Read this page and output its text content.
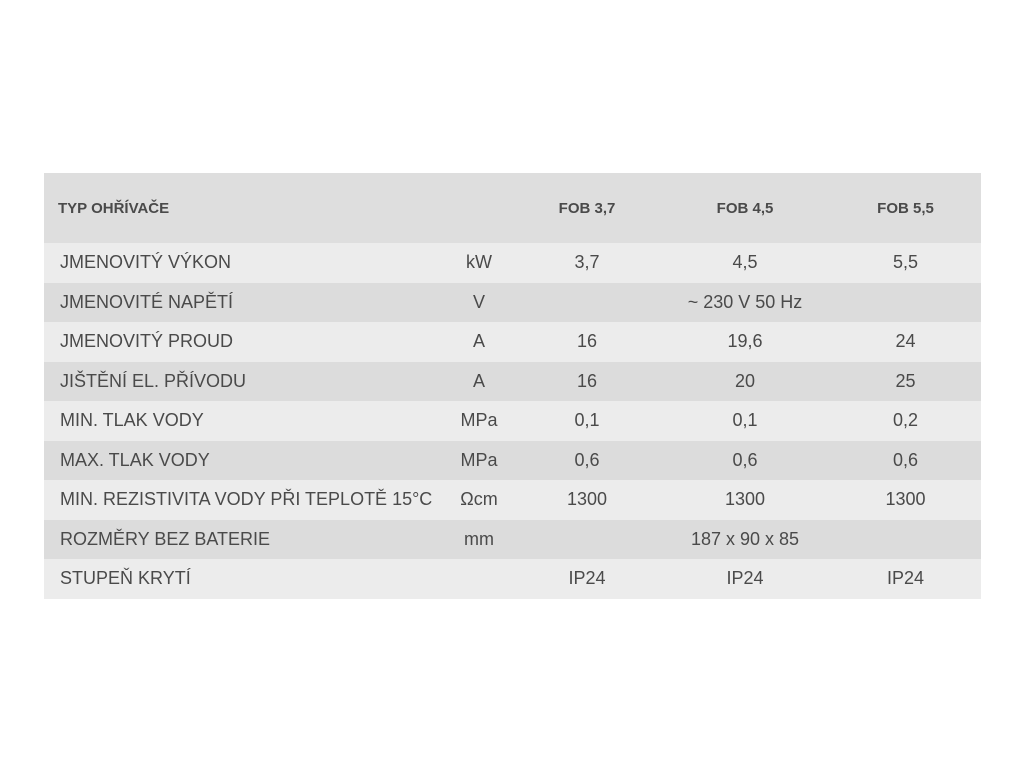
TYP OHŘÍVAČE		FOB 3,7	FOB 4,5	FOB 5,5
JMENOVITÝ VÝKON	kW	3,7	4,5	5,5
JMENOVITÉ NAPĚTÍ	V		~ 230 V 50 Hz	
JMENOVITÝ PROUD	A	16	19,6	24
JIŠTĚNÍ EL. PŘÍVODU	A	16	20	25
MIN. TLAK VODY	MPa	0,1	0,1	0,2
MAX. TLAK VODY	MPa	0,6	0,6	0,6
MIN. REZISTIVITA VODY PŘI TEPLOTĚ 15°C	Ωcm	1300	1300	1300
ROZMĚRY BEZ BATERIE	mm		187 x 90 x 85	
STUPEŇ KRYTÍ		IP24	IP24	IP24
